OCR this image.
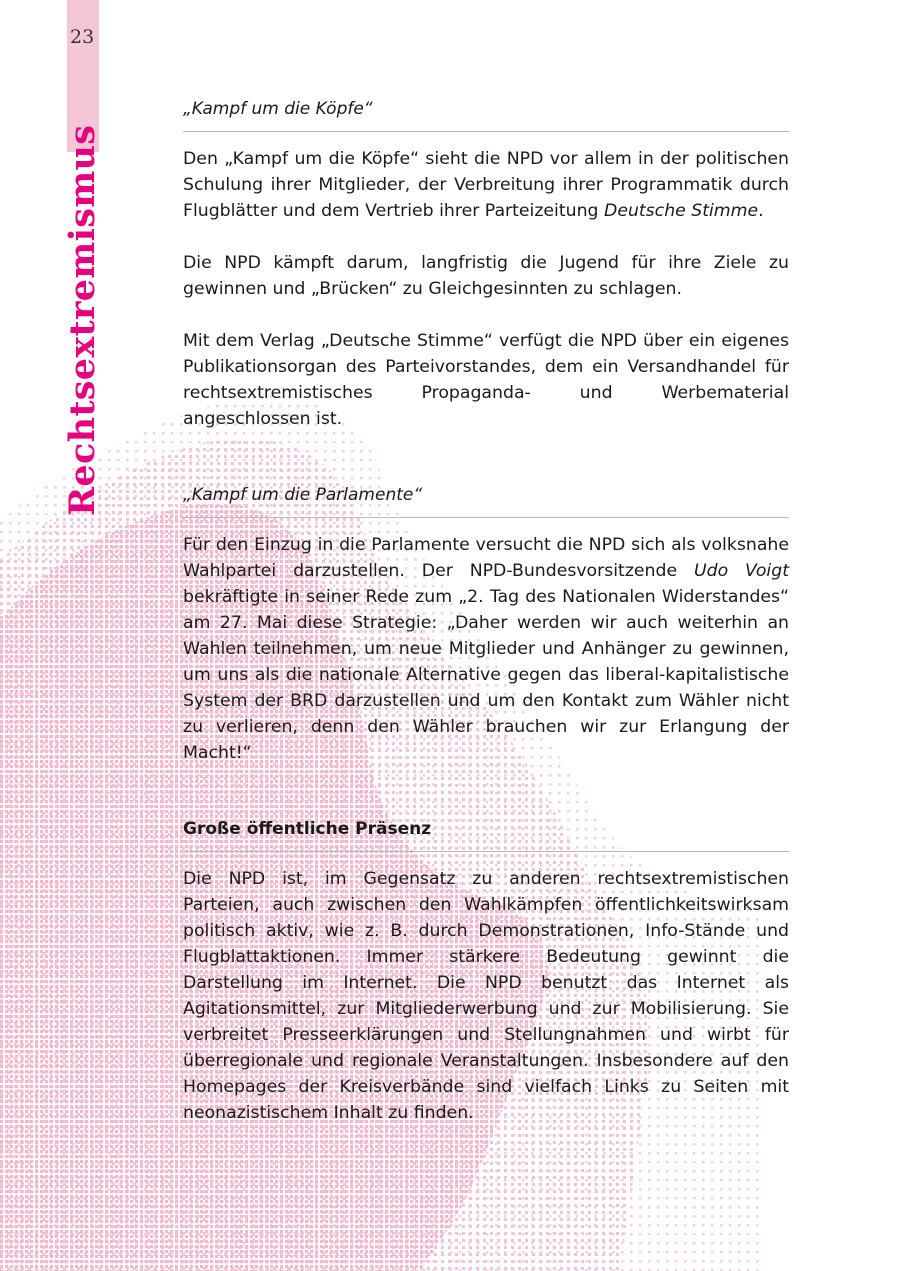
23
Rechtsextremismus
„Kampf um die Köpfe“

Den „Kampf um die Köpfe“ sieht die NPD vor allem in der politischen Schulung ihrer Mitglieder, der Verbreitung ihrer Programmatik durch Flugblätter und dem Vertrieb ihrer Parteizeitung Deutsche Stimme.

Die NPD kämpft darum, langfristig die Jugend für ihre Ziele zu gewinnen und „Brücken“ zu Gleichgesinnten zu schlagen.

Mit dem Verlag „Deutsche Stimme“ verfügt die NPD über ein eigenes Publikationsorgan des Parteivorstandes, dem ein Versandhandel für rechtsextremistisches Propaganda- und Werbematerial angeschlossen ist.

„Kampf um die Parlamente“

Für den Einzug in die Parlamente versucht die NPD sich als volksnahe Wahlpartei darzustellen. Der NPD-Bundesvorsitzende Udo Voigt bekräftigte in seiner Rede zum „2. Tag des Nationalen Widerstandes“ am 27. Mai diese Strategie: „Daher werden wir auch weiterhin an Wahlen teilnehmen, um neue Mitglieder und Anhänger zu gewinnen, um uns als die nationale Alternative gegen das liberal-kapitalistische System der BRD darzustellen und um den Kontakt zum Wähler nicht zu verlieren, denn den Wähler brauchen wir zur Erlangung der Macht!“

Große öffentliche Präsenz

Die NPD ist, im Gegensatz zu anderen rechtsextremistischen Parteien, auch zwischen den Wahlkämpfen öffentlichkeitswirksam politisch aktiv, wie z. B. durch Demonstrationen, Info-Stände und Flugblattaktionen. Immer stärkere Bedeutung gewinnt die Darstellung im Internet. Die NPD benutzt das Internet als Agitationsmittel, zur Mitgliederwerbung und zur Mobilisierung. Sie verbreitet Presseerklärungen und Stellungnahmen und wirbt für überregionale und regionale Veranstaltungen. Insbesondere auf den Homepages der Kreisverbände sind vielfach Links zu Seiten mit neonazistischem Inhalt zu finden.
